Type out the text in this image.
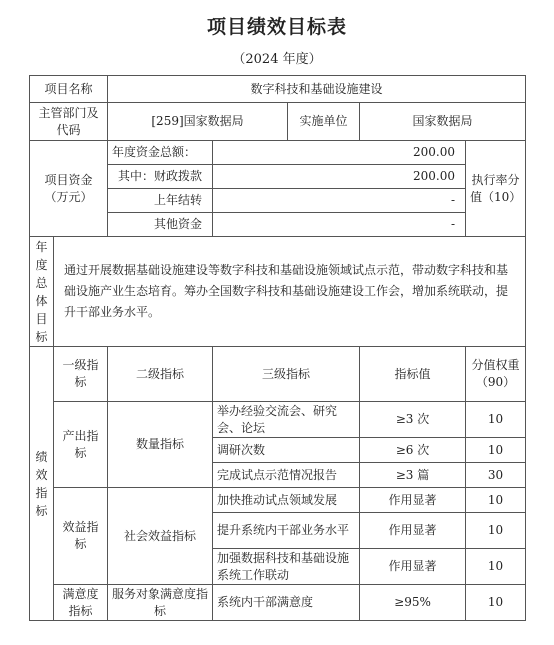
项目绩效目标表
（2024 年度）
项目名称		数字科技和基础设施建设				
主管部门及代码		[259]国家数据局		实施单位	国家数据局	
项目资金（万元）		年度资金总额：	200.00			执行率分值（10）
		其中：财政拨款	200.00			
		上年结转	-			
		其他资金	-			
年度总体目标	通过开展数据基础设施建设等数字科技和基础设施领域试点示范，带动数字科技和基础设施产业生态培育。筹办全国数字科技和基础设施建设工作会，增加系统联动，提升干部业务水平。					
绩效指标	一级指标	二级指标	三级指标		指标值	分值权重（90）
	产出指标	数量指标	举办经验交流会、研究会、论坛		≥3 次	10
			调研次数		≥6 次	10
			完成试点示范情况报告		≥3 篇	30
	效益指标	社会效益指标	加快推动试点领域发展		作用显著	10
			提升系统内干部业务水平		作用显著	10
			加强数据科技和基础设施系统工作联动		作用显著	10
	满意度指标	服务对象满意度指标	系统内干部满意度		≥95%	10
